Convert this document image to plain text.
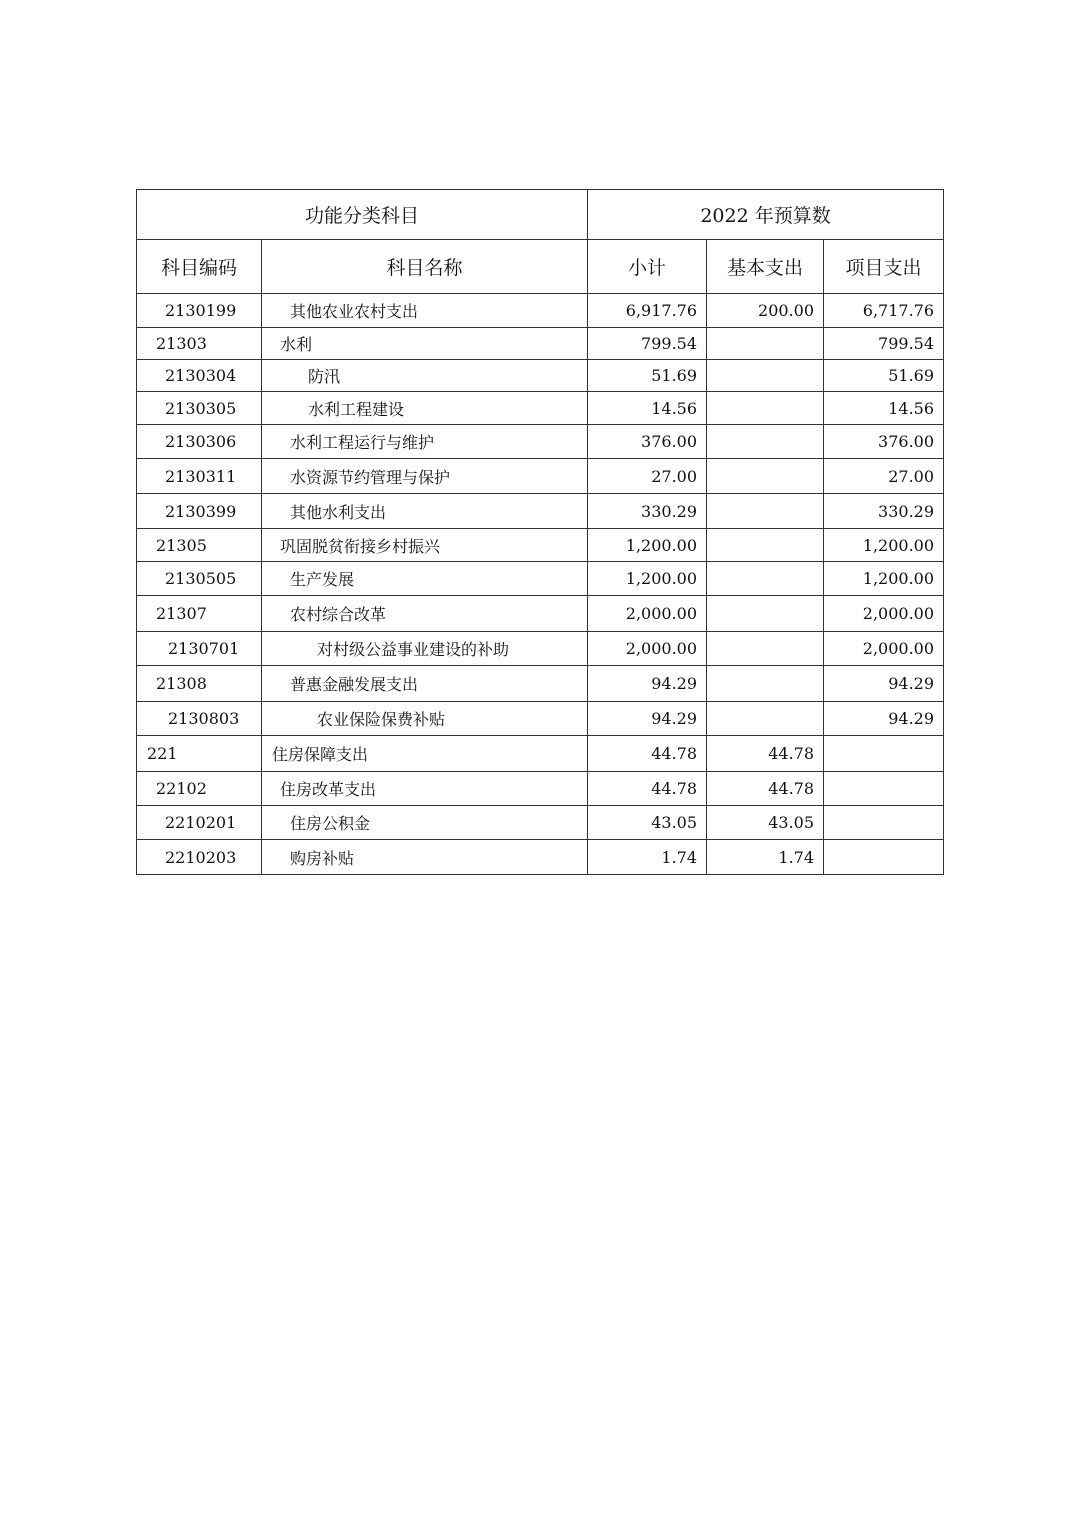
功能分类科目		2022 年预算数		
科目编码	科目名称	小计	基本支出	项目支出
2130199	其他农业农村支出	6,917.76	200.00	6,717.76
21303	水利	799.54		799.54
2130304	防汛	51.69		51.69
2130305	水利工程建设	14.56		14.56
2130306	水利工程运行与维护	376.00		376.00
2130311	水资源节约管理与保护	27.00		27.00
2130399	其他水利支出	330.29		330.29
21305	巩固脱贫衔接乡村振兴	1,200.00		1,200.00
2130505	生产发展	1,200.00		1,200.00
21307	农村综合改革	2,000.00		2,000.00
2130701	对村级公益事业建设的补助	2,000.00		2,000.00
21308	普惠金融发展支出	94.29		94.29
2130803	农业保险保费补贴	94.29		94.29
221	住房保障支出	44.78	44.78	
22102	住房改革支出	44.78	44.78	
2210201	住房公积金	43.05	43.05	
2210203	购房补贴	1.74	1.74	
